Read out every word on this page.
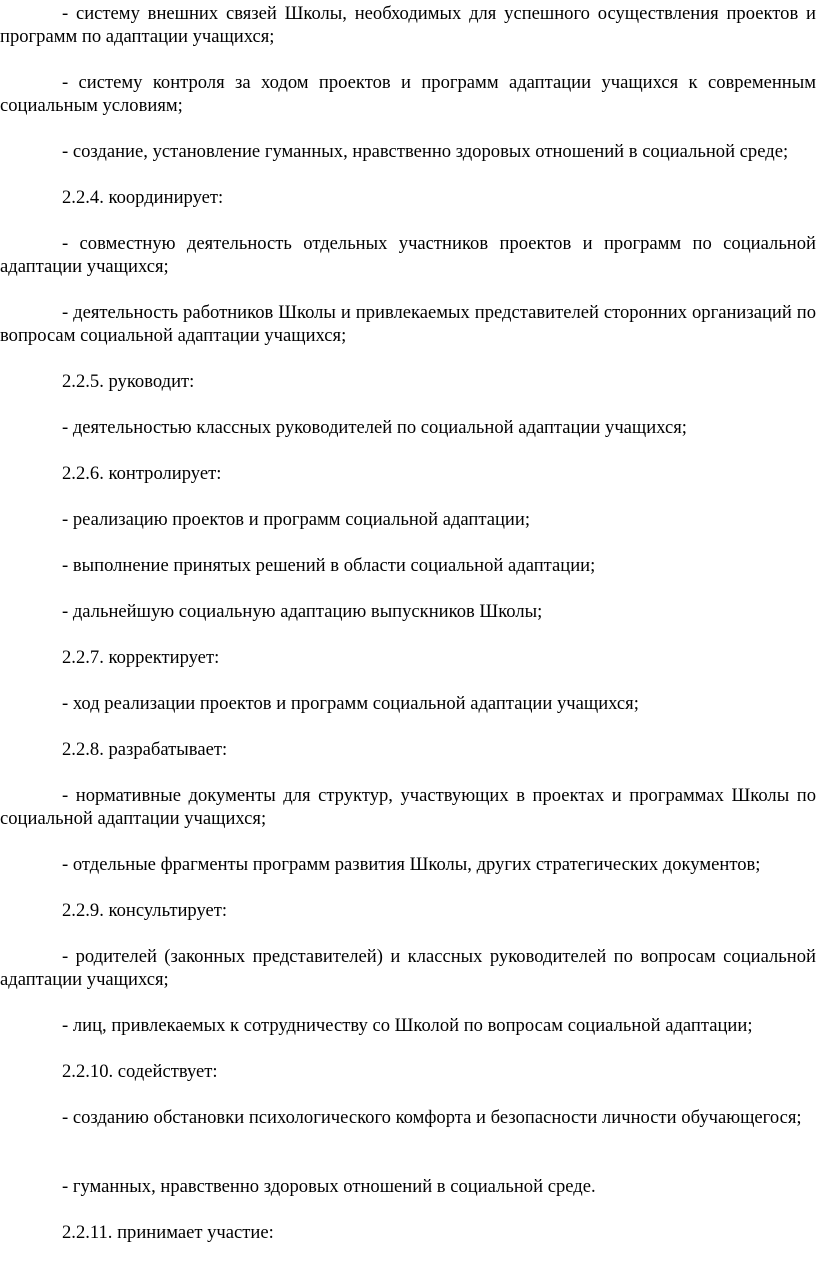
- систему внешних связей Школы, необходимых для успешного осуществления проектов и программ по адаптации учащихся;

- систему контроля за ходом проектов и программ адаптации учащихся к современным социальным условиям;

- создание, установление гуманных, нравственно здоровых отношений в социальной среде;

2.2.4. координирует:

- совместную деятельность отдельных участников проектов и программ по социальной адаптации учащихся;

- деятельность работников Школы и привлекаемых представителей сторонних организаций по вопросам социальной адаптации учащихся;

2.2.5. руководит:

- деятельностью классных руководителей по социальной адаптации учащихся;

2.2.6. контролирует:

- реализацию проектов и программ социальной адаптации;

- выполнение принятых решений в области социальной адаптации;

- дальнейшую социальную адаптацию выпускников Школы;

2.2.7. корректирует:

- ход реализации проектов и программ социальной адаптации учащихся;

2.2.8. разрабатывает:

- нормативные документы для структур, участвующих в проектах и программах Школы по социальной адаптации учащихся;

- отдельные фрагменты программ развития Школы, других стратегических документов;

2.2.9. консультирует:

- родителей (законных представителей) и классных руководителей по вопросам социальной адаптации учащихся;

- лиц, привлекаемых к сотрудничеству со Школой по вопросам социальной адаптации;

2.2.10. содействует:

- созданию обстановки психологического комфорта и безопасности личности обучающегося;

- гуманных, нравственно здоровых отношений в социальной среде.

2.2.11. принимает участие:
